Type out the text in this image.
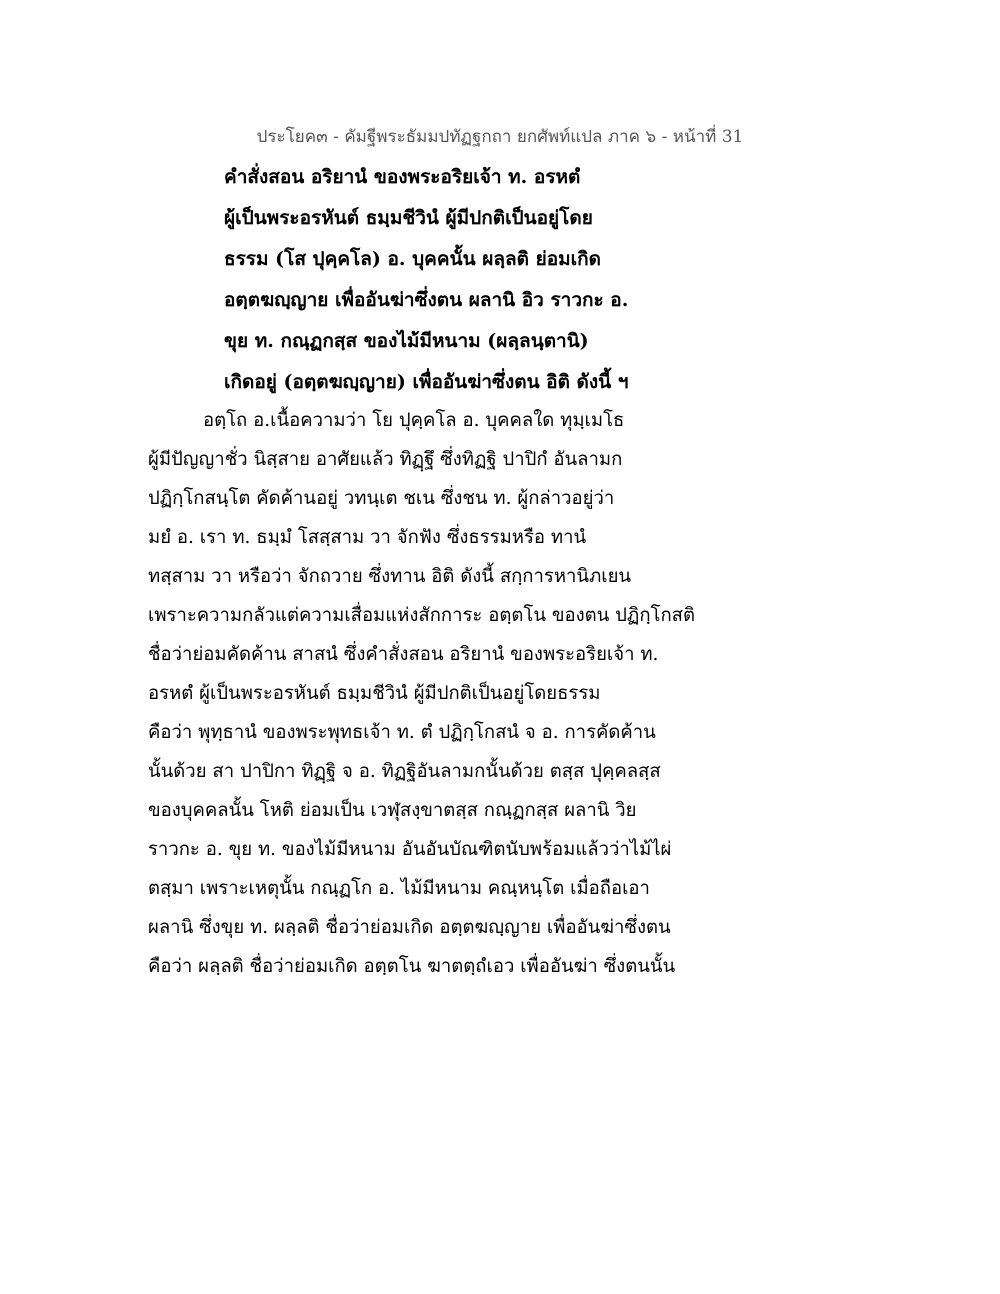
ประโยค๓ - คัมฐีพระธัมมปทัฏฐกถา ยกศัพท์แปล ภาค ๖ - หน้าที่ 31
คำสั่งสอน อริยานํ ของพระอริยเจ้า ท. อรหตํ
ผู้เป็นพระอรหันต์ ธมฺมชีวินํ ผู้มีปกติเป็นอยู่โดย
ธรรม (โส ปุคฺคโล) อ. บุคคนั้น ผลฺลติ ย่อมเกิด
อตฺตฆญฺญาย เพื่ออันฆ่าซึ่งตน ผลานิ อิว ราวกะ อ.
ขุย ท. กณฺฏกสฺส ของไม้มีหนาม (ผลฺลนฺตานิ)
เกิดอยู่ (อตฺตฆญฺญาย) เพื่ออันฆ่าซึ่งตน อิติ ดังนี้ ฯ
อตฺโถ อ.เนื้อความว่า โย ปุคฺคโล อ. บุคคลใด ทุมฺเมโธ
ผู้มีปัญญาชั่ว นิสฺสาย อาศัยแล้ว ทิฏฺฐึ ซึ่งทิฏฐิ ปาปิกํ อันลามก
ปฏิกฺโกสนฺโต คัดค้านอยู่ วทนฺเต ชเน ซึ่งชน ท. ผู้กล่าวอยู่ว่า
มยํ อ. เรา ท. ธมฺมํ โสสฺสาม วา จักฟัง ซึ่งธรรมหรือ ทานํ
ทสฺสาม วา หรือว่า จักถวาย ซึ่งทาน อิติ ดังนี้ สกฺการหานิภเยน
เพราะความกลัวแต่ความเสื่อมแห่งสักการะ อตฺตโน ของตน ปฏิกฺโกสติ
ชื่อว่าย่อมคัดค้าน สาสนํ ซึ่งคำสั่งสอน อริยานํ ของพระอริยเจ้า ท.
อรหตํ ผู้เป็นพระอรหันต์ ธมฺมชีวินํ ผู้มีปกติเป็นอยู่โดยธรรม
คือว่า พุทฺธานํ ของพระพุทธเจ้า ท. ตํ ปฏิกฺโกสนํ จ อ. การคัดค้าน
นั้นด้วย สา ปาปิกา ทิฏฺฐิ จ อ. ทิฏฐิอันลามกนั้นด้วย ตสฺส ปุคฺคลสฺส
ของบุคคลนั้น โหติ ย่อมเป็น เวฬุสงฺขาตสฺส กณฺฏกสฺส ผลานิ วิย
ราวกะ อ. ขุย ท. ของไม้มีหนาม อันอันบัณฑิตนับพร้อมแล้วว่าไม้ไผ่
ตสฺมา เพราะเหตุนั้น กณฺฏโก อ. ไม้มีหนาม คณฺหนฺโต เมื่อถือเอา
ผลานิ ซึ่งขุย ท. ผลฺลติ ชื่อว่าย่อมเกิด อตฺตฆญฺญาย เพื่ออันฆ่าซึ่งตน
คือว่า ผลฺลติ ชื่อว่าย่อมเกิด อตฺตโน ฆาตตฺถํเอว เพื่ออันฆ่า ซึ่งตนนั้น
